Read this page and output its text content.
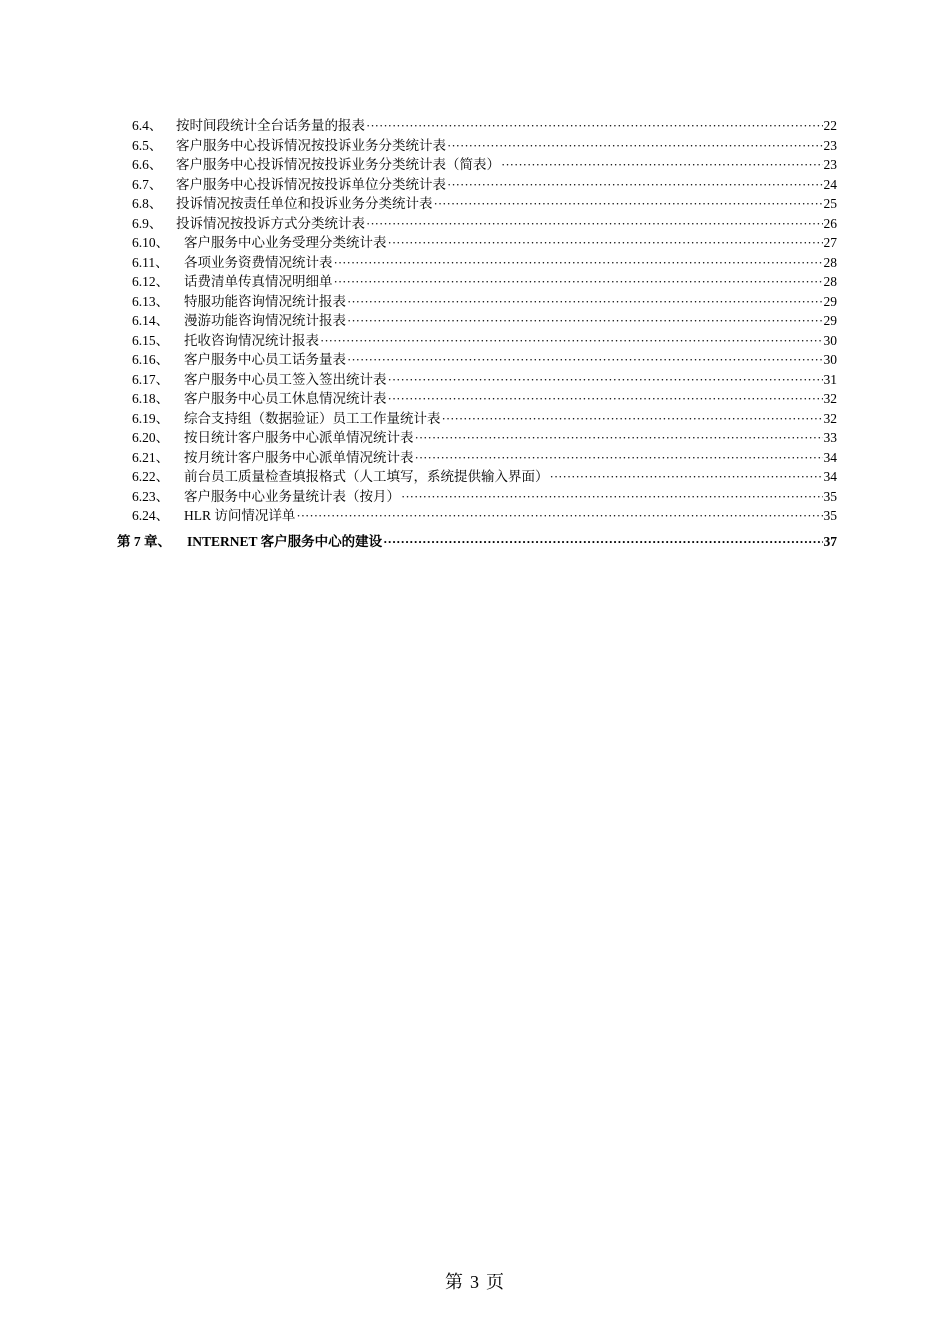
6.4、 按时间段统计全台话务量的报表 ·····	22
6.5、 客户服务中心投诉情况按投诉业务分类统计表 ·····	23
6.6、 客户服务中心投诉情况按投诉业务分类统计表（简表） ·····	23
6.7、 客户服务中心投诉情况按投诉单位分类统计表 ·····	24
6.8、 投诉情况按责任单位和投诉业务分类统计表 ·····	25
6.9、 投诉情况按投诉方式分类统计表 ·····	26
6.10、 客户服务中心业务受理分类统计表 ·····	27
6.11、 各项业务资费情况统计表 ·····	28
6.12、 话费清单传真情况明细单 ·····	28
6.13、 特服功能咨询情况统计报表 ·····	29
6.14、 漫游功能咨询情况统计报表 ·····	29
6.15、 托收咨询情况统计报表 ·····	30
6.16、 客户服务中心员工话务量表 ·····	30
6.17、 客户服务中心员工签入签出统计表 ·····	31
6.18、 客户服务中心员工休息情况统计表 ·····	32
6.19、 综合支持组（数据验证）员工工作量统计表 ·····	32
6.20、 按日统计客户服务中心派单情况统计表 ·····	33
6.21、 按月统计客户服务中心派单情况统计表 ·····	34
6.22、 前台员工质量检查填报格式（人工填写，系统提供输入界面） ·····	34
6.23、 客户服务中心业务量统计表（按月） ·····	35
6.24、 HLR 访问情况详单 ·····	35
第 7 章、 INTERNET 客户服务中心的建设 ·····	37
第 3 页
